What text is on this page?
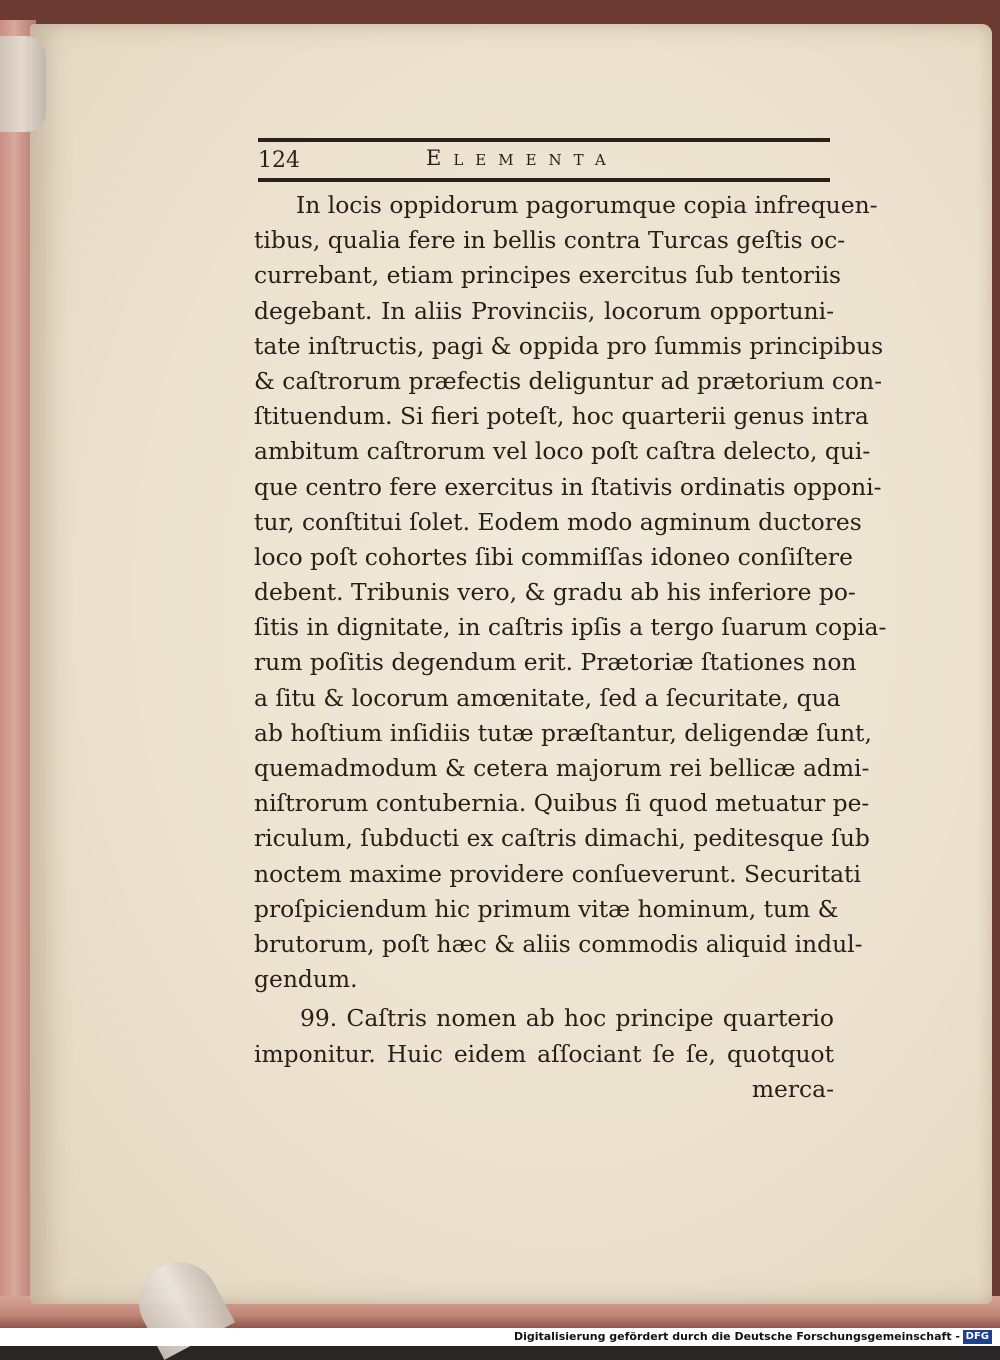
124	Elementa
In locis oppidorum pagorumque copia infrequen-
tibus, qualia fere in bellis contra Turcas geſtis oc-
currebant, etiam principes exercitus ſub tentoriis
degebant. In aliis Provinciis, locorum opportuni-
tate inſtructis, pagi & oppida pro ſummis principibus
& caſtrorum præfectis deliguntur ad prætorium con-
ſtituendum. Si fieri poteſt, hoc quarterii genus intra
ambitum caſtrorum vel loco poſt caſtra delecto, qui-
que centro fere exercitus in ſtativis ordinatis opponi-
tur, conſtitui ſolet. Eodem modo agminum ductores
loco poſt cohortes ſibi commiſſas idoneo conſiſtere
debent. Tribunis vero, & gradu ab his inferiore po-
ſitis in dignitate, in caſtris ipſis a tergo ſuarum copia-
rum poſitis degendum erit. Prætoriæ ſtationes non
a ſitu & locorum amœnitate, ſed a ſecuritate, qua
ab hoſtium inſidiis tutæ præſtantur, deligendæ ſunt,
quemadmodum & cetera majorum rei bellicæ admi-
niſtrorum contubernia. Quibus ſi quod metuatur pe-
riculum, ſubducti ex caſtris dimachi, peditesque ſub
noctem maxime providere conſueverunt. Securitati
proſpiciendum hic primum vitæ hominum, tum &
brutorum, poſt hæc & aliis commodis aliquid indul-
gendum.
99. Caſtris nomen ab hoc principe quarterio
imponitur. Huic eidem aſſociant ſe ſe, quotquot
merca-
Digitalisierung gefördert durch die Deutsche Forschungsgemeinschaft - DFG
